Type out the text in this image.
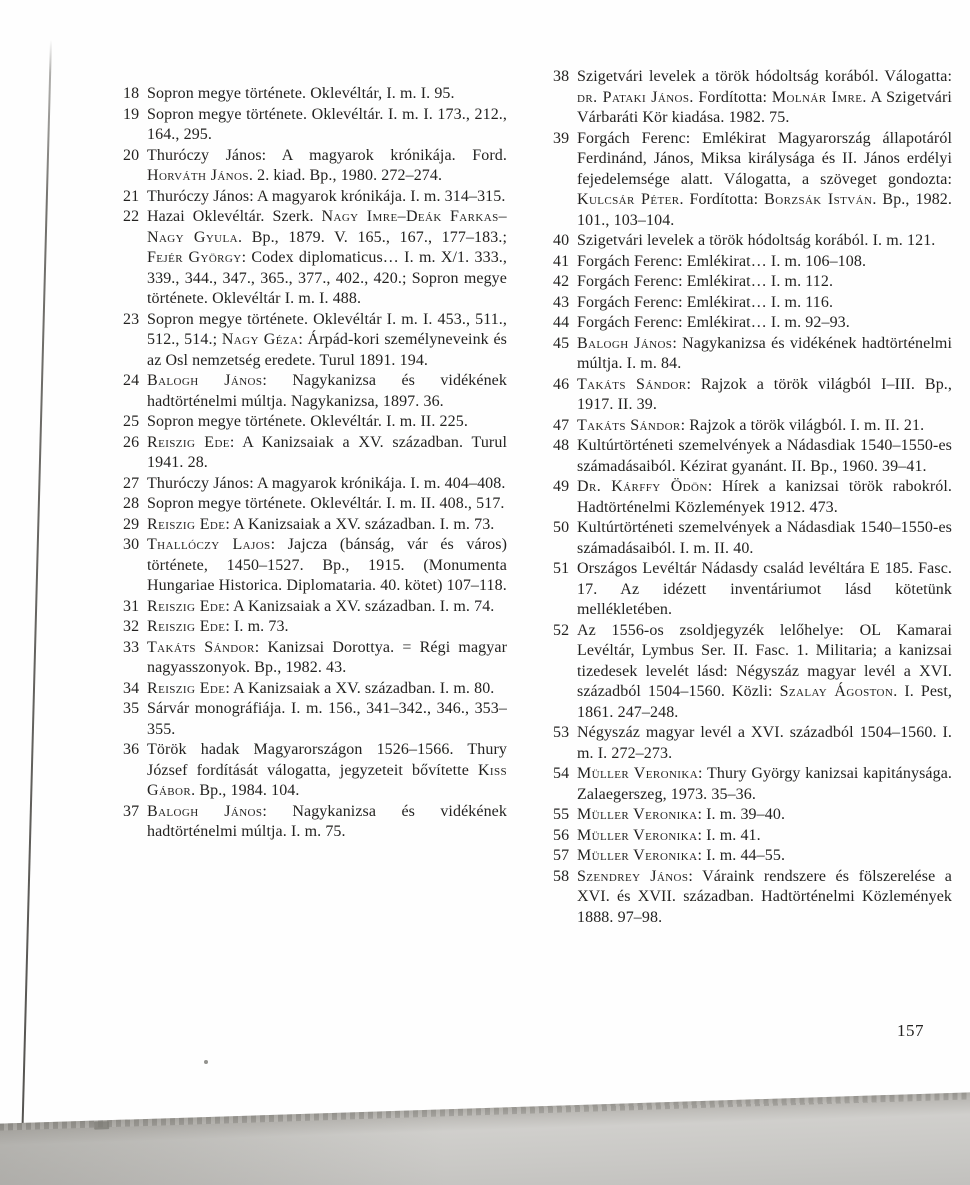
18 Sopron megye története. Oklevéltár, I. m. I. 95.

19 Sopron megye története. Oklevéltár. I. m. I. 173., 212., 164., 295.

20 Thuróczy János: A magyarok krónikája. Ford. Horváth János. 2. kiad. Bp., 1980. 272–274.

21 Thuróczy János: A magyarok krónikája. I. m. 314–315.

22 Hazai Oklevéltár. Szerk. Nagy Imre–Deák Farkas–Nagy Gyula. Bp., 1879. V. 165., 167., 177–183.; Fejér György: Codex diplomaticus… I. m. X/1. 333., 339., 344., 347., 365., 377., 402., 420.; Sopron megye története. Oklevéltár I. m. I. 488.

23 Sopron megye története. Oklevéltár I. m. I. 453., 511., 512., 514.; Nagy Géza: Árpád-kori személyneveink és az Osl nemzetség eredete. Turul 1891. 194.

24 Balogh János: Nagykanizsa és vidékének hadtörténelmi múltja. Nagykanizsa, 1897. 36.

25 Sopron megye története. Oklevéltár. I. m. II. 225.

26 Reiszig Ede: A Kanizsaiak a XV. században. Turul 1941. 28.

27 Thuróczy János: A magyarok krónikája. I. m. 404–408.

28 Sopron megye története. Oklevéltár. I. m. II. 408., 517.

29 Reiszig Ede: A Kanizsaiak a XV. században. I. m. 73.

30 Thallóczy Lajos: Jajcza (bánság, vár és város) története, 1450–1527. Bp., 1915. (Monumenta Hungariae Historica. Diplomataria. 40. kötet) 107–118.

31 Reiszig Ede: A Kanizsaiak a XV. században. I. m. 74.

32 Reiszig Ede: I. m. 73.

33 Takáts Sándor: Kanizsai Dorottya. = Régi magyar nagyasszonyok. Bp., 1982. 43.

34 Reiszig Ede: A Kanizsaiak a XV. században. I. m. 80.

35 Sárvár monográfiája. I. m. 156., 341–342., 346., 353–355.

36 Török hadak Magyarországon 1526–1566. Thury József fordítását válogatta, jegyzeteit bővítette Kiss Gábor. Bp., 1984. 104.

37 Balogh János: Nagykanizsa és vidékének hadtörténelmi múltja. I. m. 75.

38 Szigetvári levelek a török hódoltság korából. Válogatta: dr. Pataki János. Fordította: Molnár Imre. A Szigetvári Várbaráti Kör kiadása. 1982. 75.

39 Forgách Ferenc: Emlékirat Magyarország állapotáról Ferdinánd, János, Miksa királysága és II. János erdélyi fejedelemsége alatt. Válogatta, a szöveget gondozta: Kulcsár Péter. Fordította: Borzsák István. Bp., 1982. 101., 103–104.

40 Szigetvári levelek a török hódoltság korából. I. m. 121.

41 Forgách Ferenc: Emlékirat… I. m. 106–108.

42 Forgách Ferenc: Emlékirat… I. m. 112.

43 Forgách Ferenc: Emlékirat… I. m. 116.

44 Forgách Ferenc: Emlékirat… I. m. 92–93.

45 Balogh János: Nagykanizsa és vidékének hadtörténelmi múltja. I. m. 84.

46 Takáts Sándor: Rajzok a török világból I–III. Bp., 1917. II. 39.

47 Takáts Sándor: Rajzok a török világból. I. m. II. 21.

48 Kultúrtörténeti szemelvények a Nádasdiak 1540–1550-es számadásaiból. Kézirat gyanánt. II. Bp., 1960. 39–41.

49 Dr. Kárffy Ödön: Hírek a kanizsai török rabokról. Hadtörténelmi Közlemények 1912. 473.

50 Kultúrtörténeti szemelvények a Nádasdiak 1540–1550-es számadásaiból. I. m. II. 40.

51 Országos Levéltár Nádasdy család levéltára E 185. Fasc. 17. Az idézett inventáriumot lásd kötetünk mellékletében.

52 Az 1556-os zsoldjegyzék lelőhelye: OL Kamarai Levéltár, Lymbus Ser. II. Fasc. 1. Militaria; a kanizsai tizedesek levelét lásd: Négyszáz magyar levél a XVI. századból 1504–1560. Közli: Szalay Ágoston. I. Pest, 1861. 247–248.

53 Négyszáz magyar levél a XVI. századból 1504–1560. I. m. I. 272–273.

54 Müller Veronika: Thury György kanizsai kapitánysága. Zalaegerszeg, 1973. 35–36.

55 Müller Veronika: I. m. 39–40.

56 Müller Veronika: I. m. 41.

57 Müller Veronika: I. m. 44–55.

58 Szendrey János: Váraink rendszere és fölszerelése a XVI. és XVII. században. Hadtörténelmi Közlemények 1888. 97–98.

157
